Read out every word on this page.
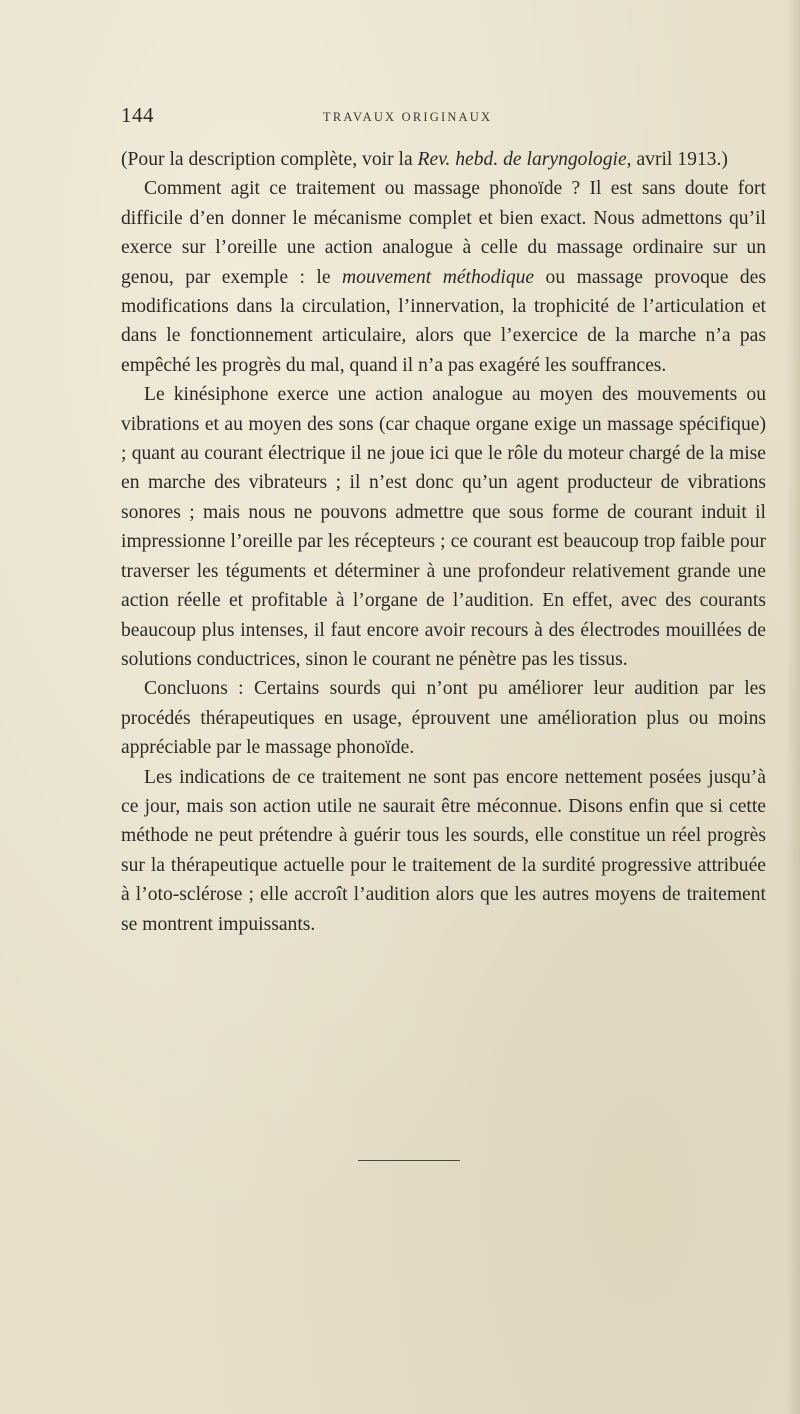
144	TRAVAUX ORIGINAUX

(Pour la description complète, voir la Rev. hebd. de laryngologie, avril 1913.)

Comment agit ce traitement ou massage phonoïde ? Il est sans doute fort difficile d’en donner le mécanisme complet et bien exact. Nous admettons qu’il exerce sur l’oreille une action analogue à celle du massage ordinaire sur un genou, par exemple : le mouvement méthodique ou massage provoque des modifications dans la circulation, l’innervation, la trophicité de l’articulation et dans le fonctionnement articulaire, alors que l’exercice de la marche n’a pas empêché les progrès du mal, quand il n’a pas exagéré les souffrances.

Le kinésiphone exerce une action analogue au moyen des mouvements ou vibrations et au moyen des sons (car chaque organe exige un massage spécifique) ; quant au courant électrique il ne joue ici que le rôle du moteur chargé de la mise en marche des vibrateurs ; il n’est donc qu’un agent producteur de vibrations sonores ; mais nous ne pouvons admettre que sous forme de courant induit il impressionne l’oreille par les récepteurs ; ce courant est beaucoup trop faible pour traverser les téguments et déterminer à une profondeur relativement grande une action réelle et profitable à l’organe de l’audition. En effet, avec des courants beaucoup plus intenses, il faut encore avoir recours à des électrodes mouillées de solutions conductrices, sinon le courant ne pénètre pas les tissus.

Concluons : Certains sourds qui n’ont pu améliorer leur audition par les procédés thérapeutiques en usage, éprouvent une amélioration plus ou moins appréciable par le massage phonoïde.

Les indications de ce traitement ne sont pas encore nettement posées jusqu’à ce jour, mais son action utile ne saurait être méconnue. Disons enfin que si cette méthode ne peut prétendre à guérir tous les sourds, elle constitue un réel progrès sur la thérapeutique actuelle pour le traitement de la surdité progressive attribuée à l’oto-sclérose ; elle accroît l’audition alors que les autres moyens de traitement se montrent impuissants.
